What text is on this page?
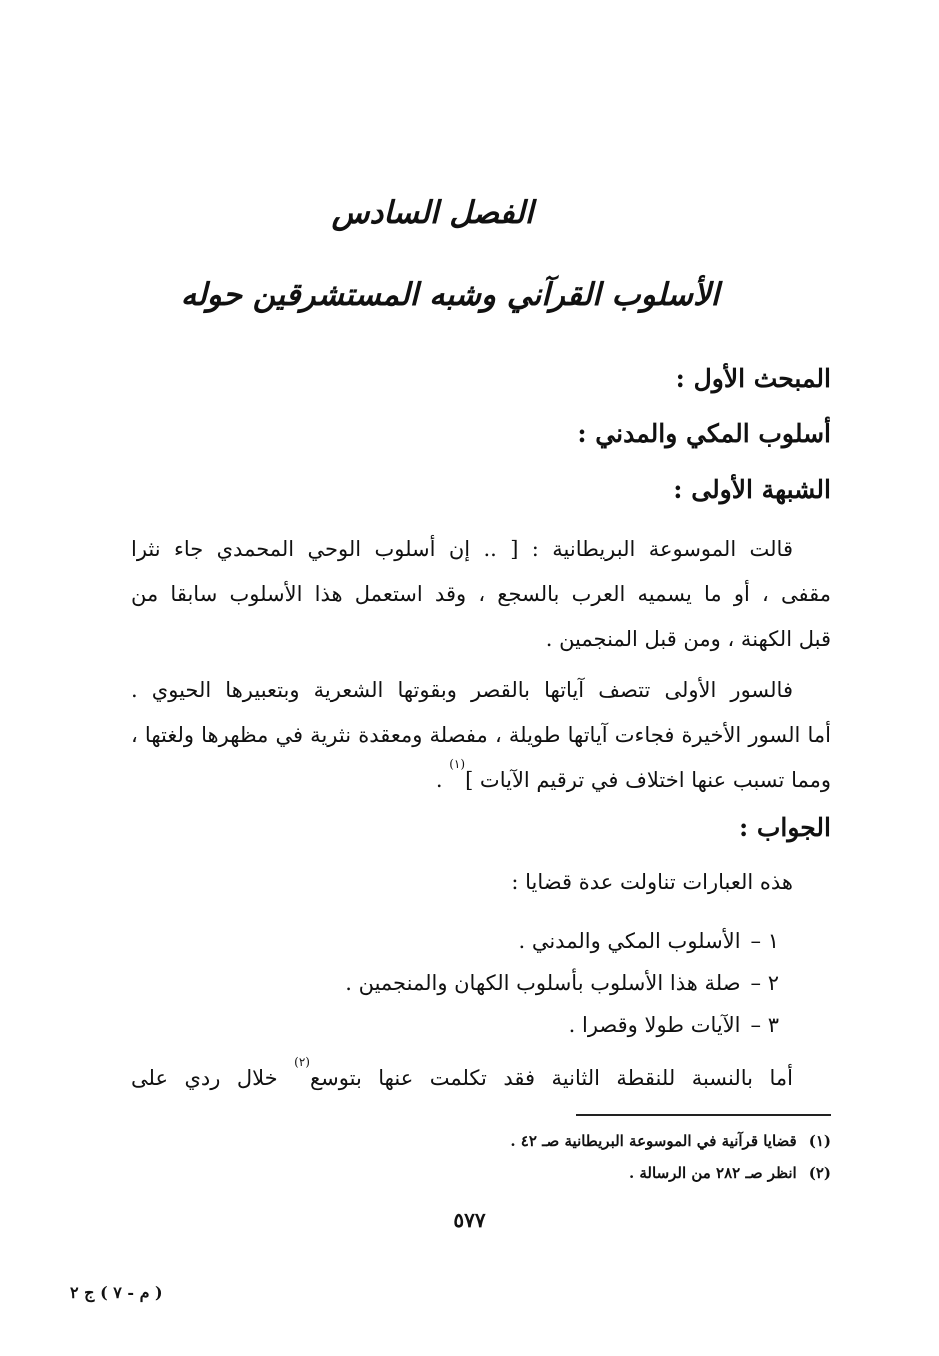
الفصل السادس
الأسلوب القرآني وشبه المستشرقين حوله
المبحث الأول :
أسلوب المكي والمدني :
الشبهة الأولى :
قالت الموسوعة البريطانية : [ .. إن أسلوب الوحي المحمدي جاء نثرا
مقفى ، أو ما يسميه العرب بالسجع ، وقد استعمل هذا الأسلوب سابقا من
قبل الكهنة ، ومن قبل المنجمين .
فالسور الأولى تتصف آياتها بالقصر وبقوتها الشعرية وبتعبيرها الحيوي .
أما السور الأخيرة فجاءت آياتها طويلة ، مفصلة ومعقدة نثرية في مظهرها ولغتها ،
ومما تسبب عنها اختلاف في ترقيم الآيات ]$^{(١)}$ .
الجواب :
هذه العبارات تناولت عدة قضايا :
١ –الأسلوب المكي والمدني .
٢ –صلة هذا الأسلوب بأسلوب الكهان والمنجمين .
٣ –الآيات طولا وقصرا .
أما بالنسبة للنقطة الثانية فقد تكلمت عنها بتوسع$^{(٢)}$ خلال ردي على
(١)قضايا قرآنية في الموسوعة البريطانية صـ ٤٢ .
(٢)انظر صـ ٢٨٢ من الرسالة .
٥٧٧
( م - ٧ ) ج ٢
